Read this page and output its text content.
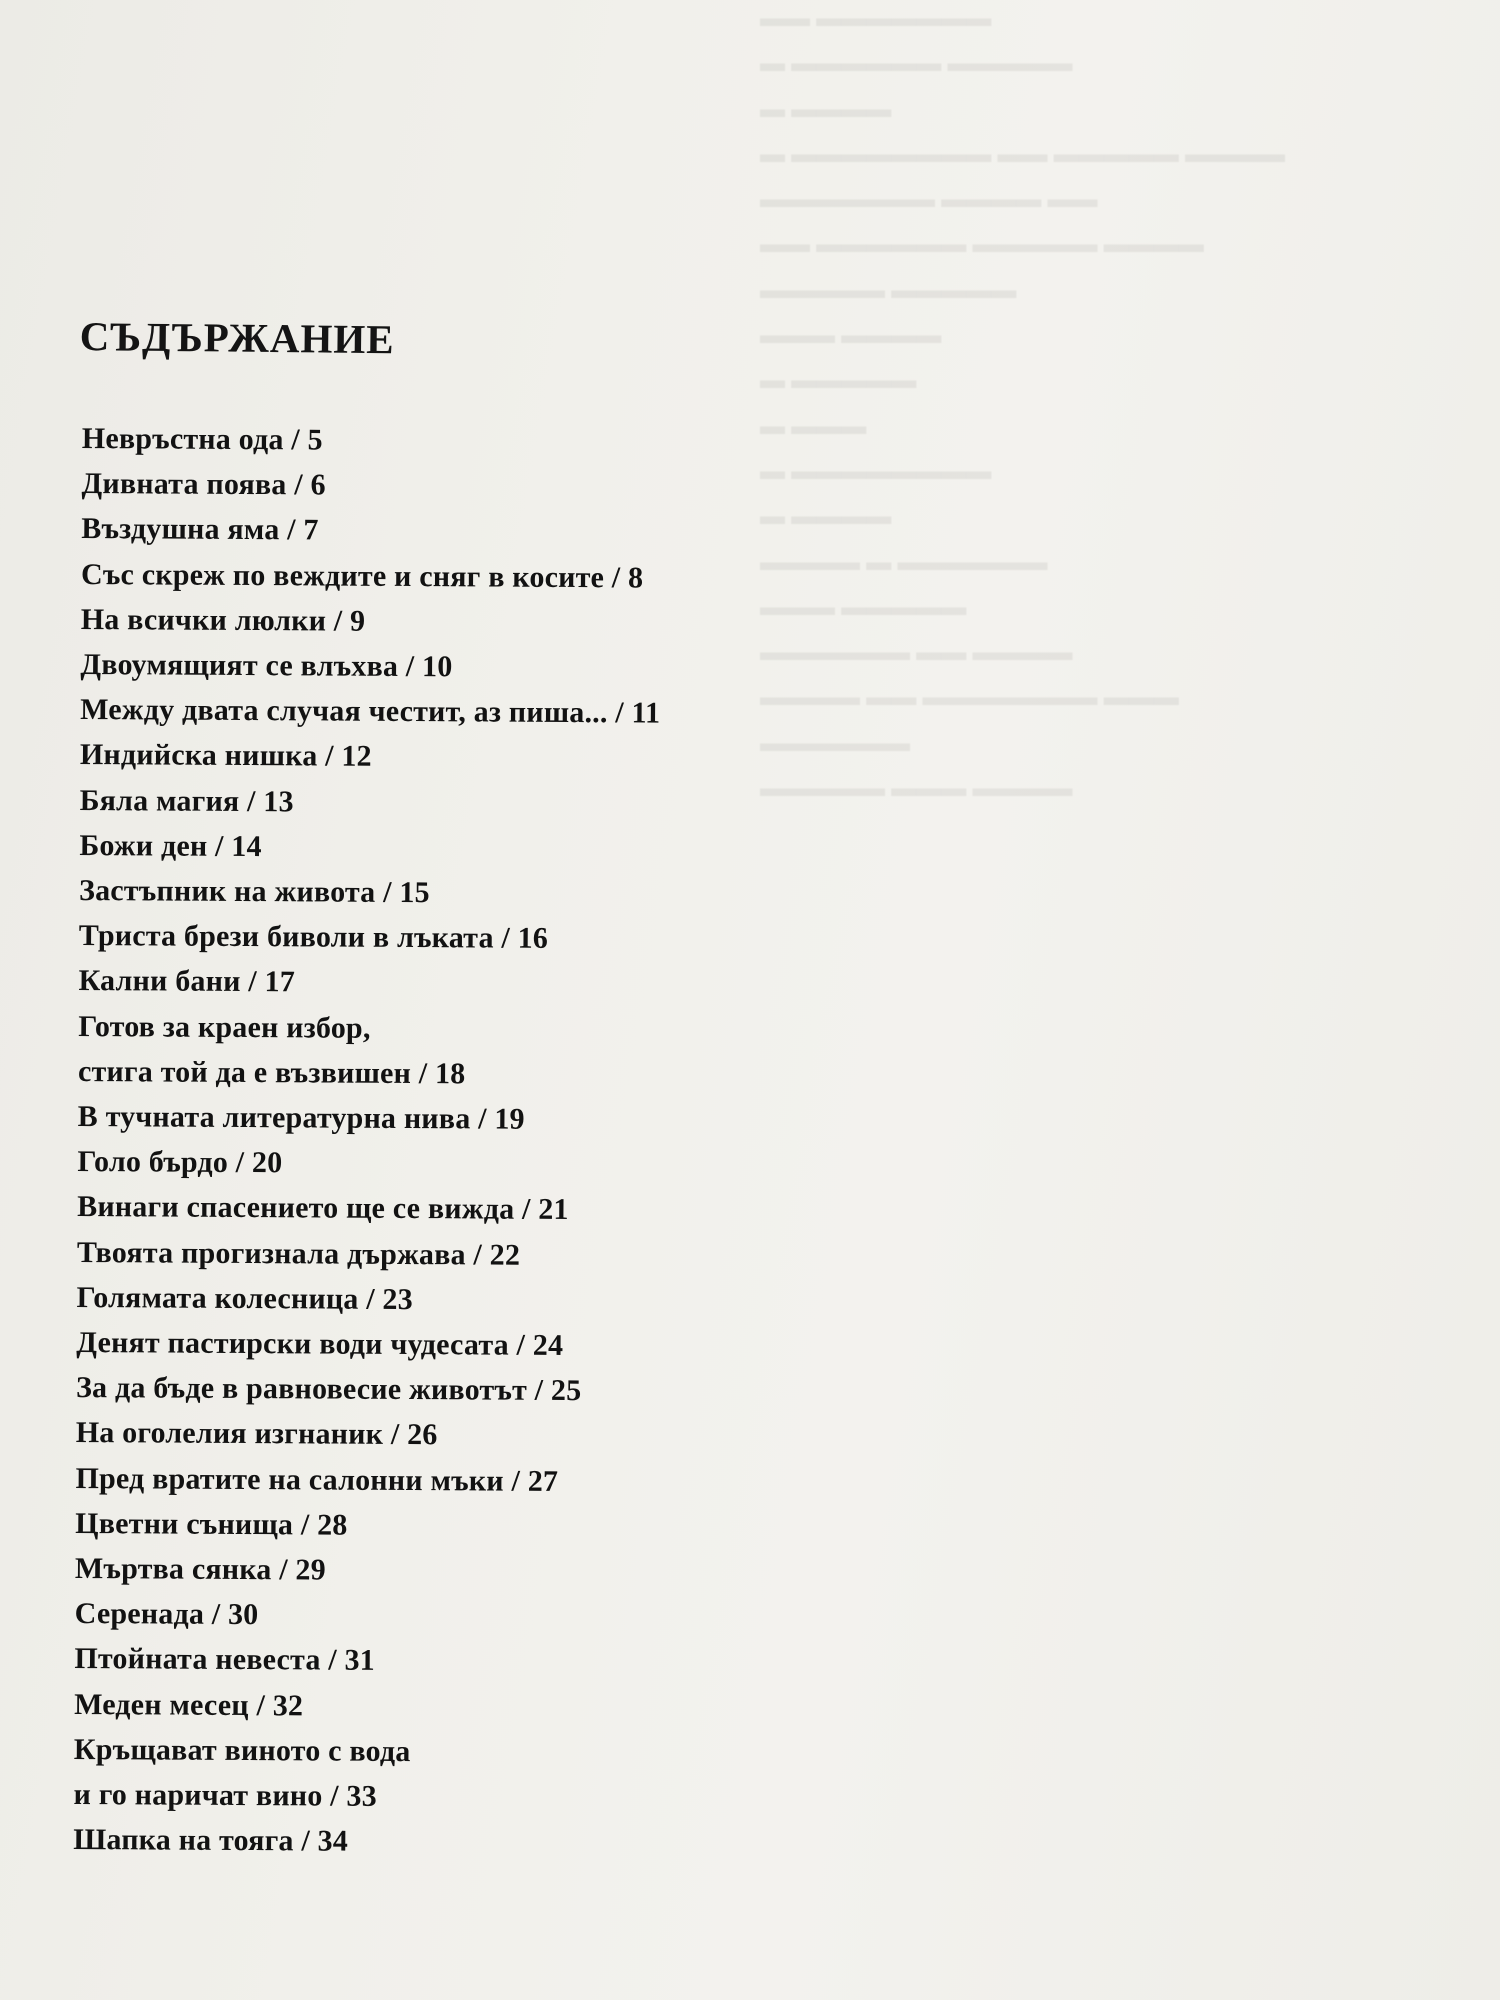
▬▬▬▬▬▬▬ ▬▬
▬▬▬▬▬ ▬▬▬▬▬▬ ▬
▬▬▬▬ ▬
▬▬▬▬ ▬▬▬▬▬ ▬▬ ▬▬▬▬▬▬▬▬ ▬
▬▬ ▬▬▬▬ ▬▬▬▬▬▬▬
▬▬▬▬ ▬▬▬▬▬ ▬▬▬▬▬▬ ▬▬
▬▬▬▬▬ ▬▬▬▬▬
▬▬▬▬ ▬▬▬
▬▬▬▬▬ ▬
▬▬▬ ▬
▬▬▬▬▬▬▬▬ ▬
▬▬▬▬ ▬
▬▬▬▬▬▬ ▬ ▬▬▬▬
▬▬▬▬▬ ▬▬▬
▬▬▬▬ ▬▬ ▬▬▬▬▬▬
▬▬▬ ▬▬▬▬▬▬▬ ▬▬ ▬▬▬▬
▬▬▬▬▬▬
▬▬▬▬ ▬▬▬ ▬▬▬▬▬
СЪДЪРЖАНИЕ
Невръстна ода / 5
Дивната поява / 6
Въздушна яма / 7
Със скреж по веждите и сняг в косите / 8
На всички люлки / 9
Двоумящият се влъхва / 10
Между двата случая честит, аз пиша... / 11
Индийска нишка / 12
Бяла магия / 13
Божи ден / 14
Застъпник на живота / 15
Триста брези биволи в лъката / 16
Кални бани / 17
Готов за краен избор,
стига той да е възвишен / 18
В тучната литературна нива / 19
Голо бърдо / 20
Винаги спасението ще се вижда / 21
Твоята прогизнала държава / 22
Голямата колесница / 23
Денят пастирски води чудесата / 24
За да бъде в равновесие животът / 25
На оголелия изгнаник / 26
Пред вратите на салонни мъки / 27
Цветни сънища / 28
Мъртва сянка / 29
Серенада / 30
Птойната невеста / 31
Меден месец / 32
Кръщават виното с вода
и го наричат вино / 33
Шапка на тояга / 34
